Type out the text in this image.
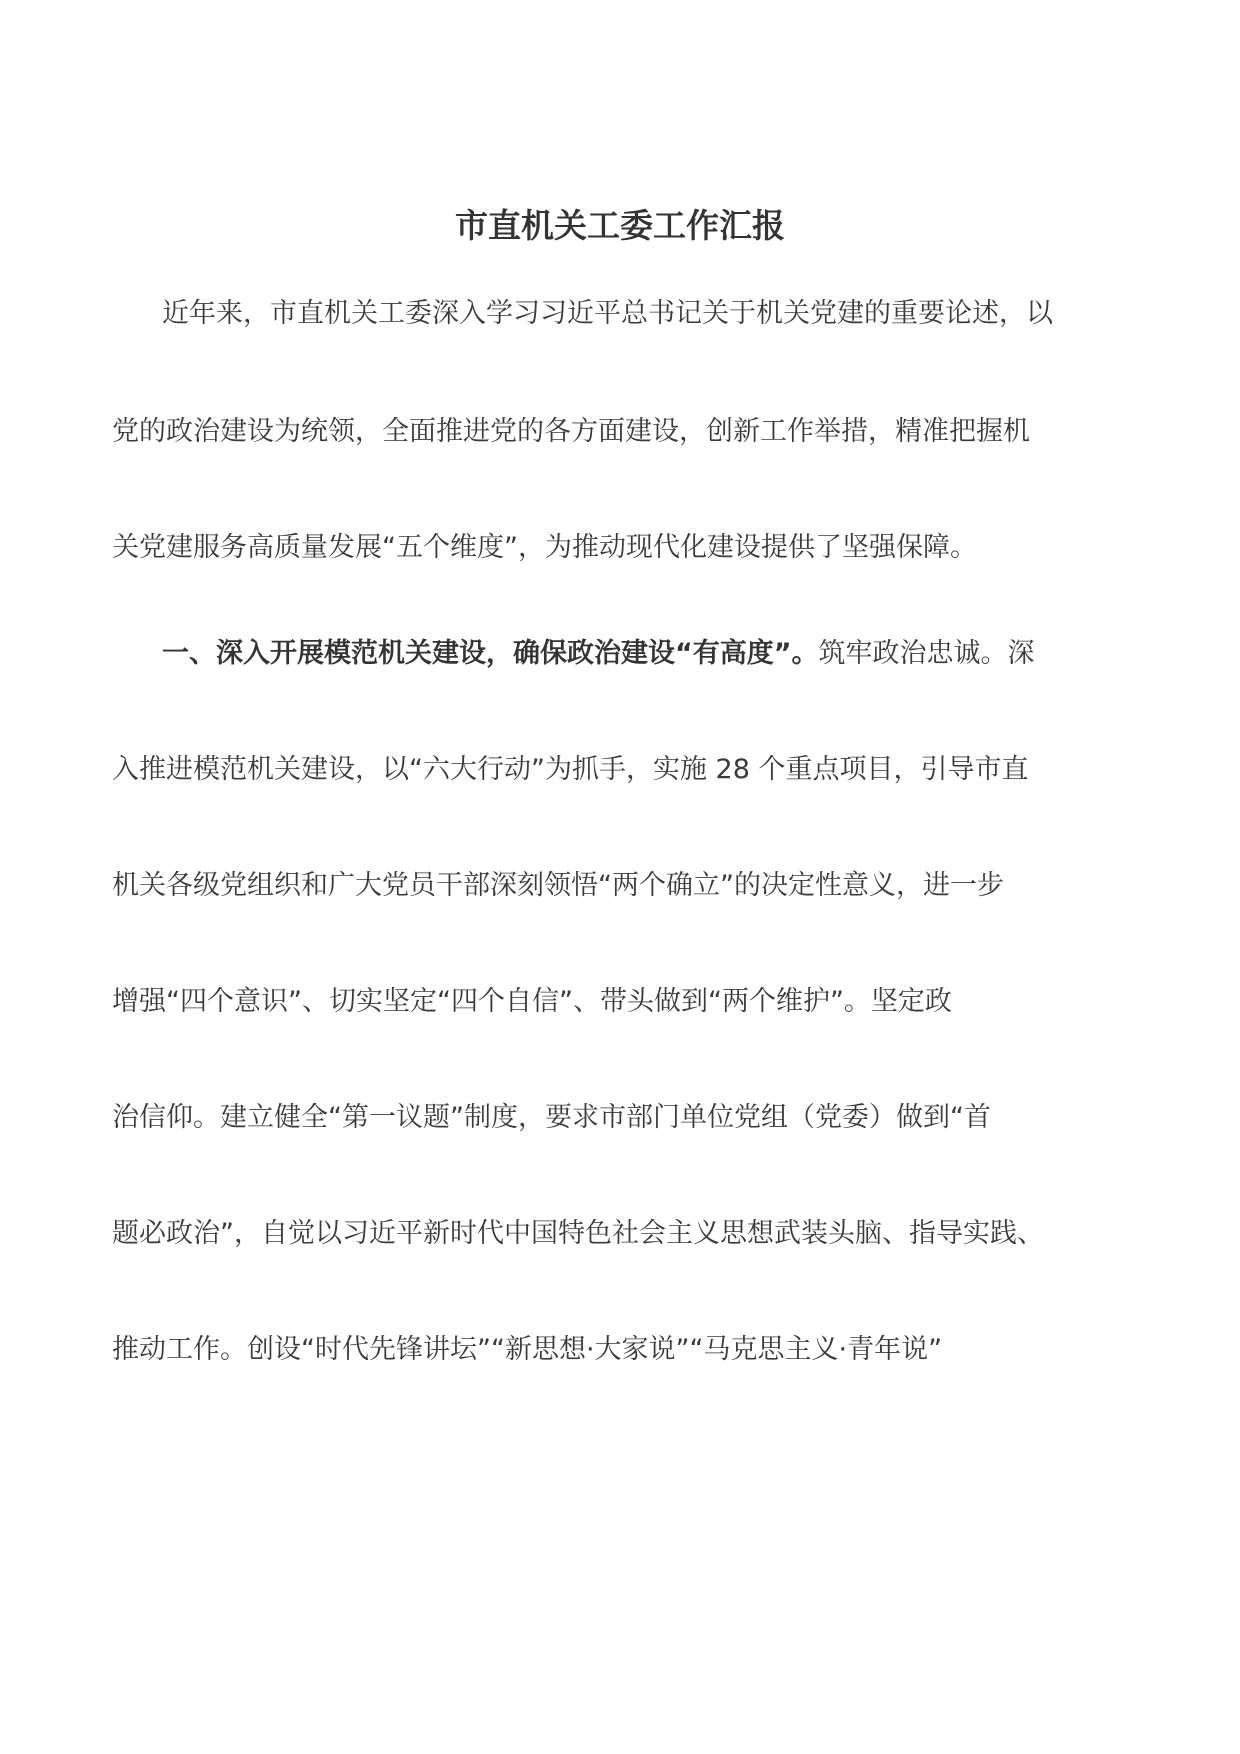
市直机关工委工作汇报
近年来，市直机关工委深入学习习近平总书记关于机关党建的重要论述，以
党的政治建设为统领，全面推进党的各方面建设，创新工作举措，精准把握机
关党建服务高质量发展“五个维度”，为推动现代化建设提供了坚强保障。
一、深入开展模范机关建设，确保政治建设“有高度”。筑牢政治忠诚。深
入推进模范机关建设，以“六大行动”为抓手，实施 28 个重点项目，引导市直
机关各级党组织和广大党员干部深刻领悟“两个确立”的决定性意义，进一步
增强“四个意识”、切实坚定“四个自信”、带头做到“两个维护”。坚定政
治信仰。建立健全“第一议题”制度，要求市部门单位党组（党委）做到“首
题必政治”，自觉以习近平新时代中国特色社会主义思想武装头脑、指导实践、
推动工作。创设“时代先锋讲坛”“新思想·大家说”“马克思主义·青年说”
